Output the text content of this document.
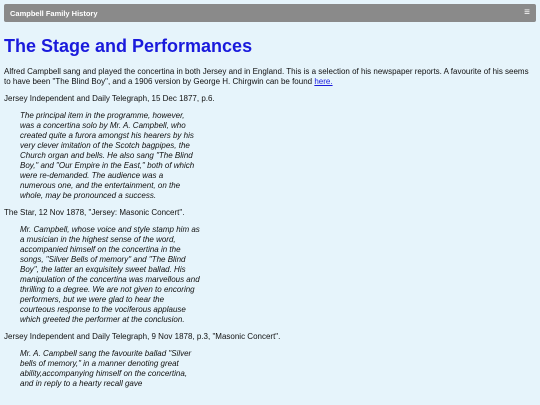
Campbell Family History	≡
The Stage and Performances

Alfred Campbell sang and played the concertina in both Jersey and in England. This is a selection of his newspaper reports. A favourite of his seems to have been "The Blind Boy", and a 1906 version by George H. Chirgwin can be found here.

Jersey Independent and Daily Telegraph, 15 Dec 1877, p.6.

The principal item in the programme, however, was a concertina solo by Mr. A. Campbell, who created quite a furora amongst his hearers by his very clever imitation of the Scotch bagpipes, the Church organ and bells. He also sang "The Blind Boy," and "Our Empire in the East," both of which were re-demanded. The audience was a numerous one, and the entertainment, on the whole, may be pronounced a success.

The Star, 12 Nov 1878, "Jersey: Masonic Concert".

Mr. Campbell, whose voice and style stamp him as a musician in the highest sense of the word, accompanied himself on the concertina in the songs, "Silver Bells of memory" and "The Blind Boy", the latter an exquisitely sweet ballad. His manipulation of the concertina was marvellous and thrilling to a degree. We are not given to encoring performers, but we were glad to hear the courteous response to the vociferous applause which greeted the performer at the conclusion.

Jersey Independent and Daily Telegraph, 9 Nov 1878, p.3, "Masonic Concert".

Mr. A. Campbell sang the favourite ballad "Silver bells of memory," in a manner denoting great ability,accompanying himself on the concertina, and in reply to a hearty recall gave
